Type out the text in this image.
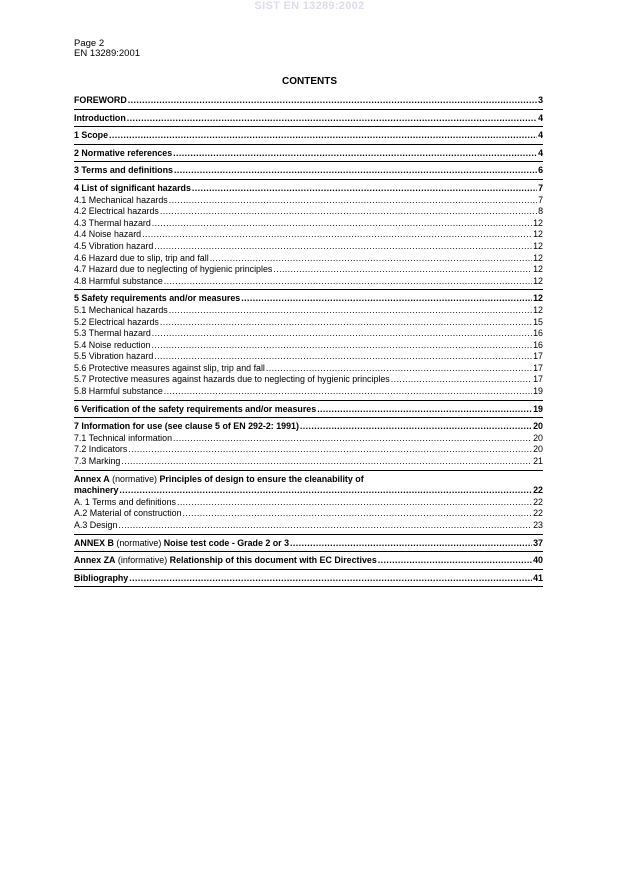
SIST EN 13289:2002
Page 2
EN 13289:2001
CONTENTS
FOREWORD .....	3
Introduction .....	4
1 Scope .....	4
2 Normative references .....	4
3 Terms and definitions .....	6
4 List of significant hazards .....	7
4.1 Mechanical hazards .....	7
4.2 Electrical hazards .....	8
4.3 Thermal hazard .....	12
4.4 Noise hazard .....	12
4.5 Vibration hazard .....	12
4.6 Hazard due to slip, trip and fall .....	12
4.7 Hazard due to neglecting of hygienic principles .....	12
4.8 Harmful substance .....	12
5 Safety requirements and/or measures .....	12
5.1 Mechanical hazards .....	12
5.2 Electrical hazards .....	15
5.3 Thermal hazard .....	16
5.4 Noise reduction .....	16
5.5 Vibration hazard .....	17
5.6 Protective measures against slip, trip and fall .....	17
5.7 Protective measures against hazards due to neglecting of hygienic principles .....	17
5.8 Harmful substance .....	19
6 Verification of the safety requirements and/or measures .....	19
7 Information for use (see clause 5 of EN 292-2: 1991) .....	20
7.1 Technical information .....	20
7.2 Indicators .....	20
7.3 Marking .....	21
Annex A (normative) Principles of design to ensure the cleanability of
machinery .....	22
A. 1 Terms and definitions .....	22
A.2 Material of construction .....	22
A.3 Design .....	23
ANNEX B (normative) Noise test code - Grade 2 or 3 .....	37
Annex ZA (informative) Relationship of this document with EC Directives .....	40
Bibliography .....	41
